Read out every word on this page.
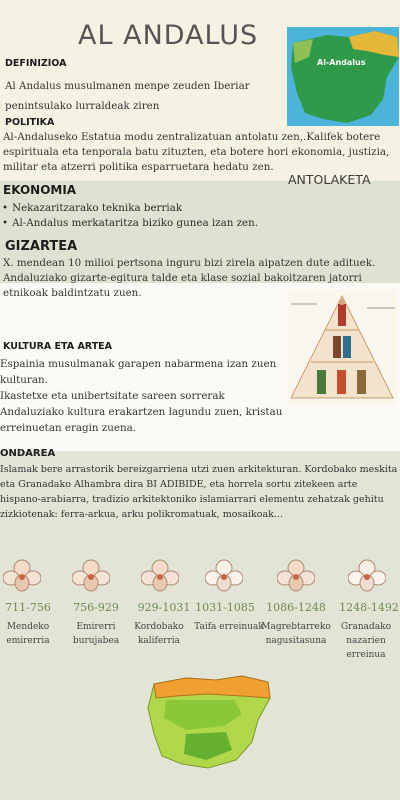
AL ANDALUS
Al-Andalus
DEFINIZIOA
Al Andalus musulmanen menpe zeuden Iberiar penintsulako lurraldeak ziren
POLITIKA
Al-Andaluseko Estatua modu zentralizatuan antolatu zen,.Kalifek botere espirituala eta tenporala batu zituzten, eta botere hori ekonomia, justizia, militar eta atzerri politika esparruetara hedatu zen.
ANTOLAKETA
EKONOMIA
• Nekazaritzarako teknika berriak
• Al-Andalus merkataritza biziko gunea izan zen.
GIZARTEA
X. mendean 10 milioi pertsona inguru bizi zirela aipatzen dute adituek. Andaluziako gizarte-egitura talde eta klase sozial bakoitzaren jatorri etnikoak baldintzatu zuen.
KULTURA ETA ARTEA
Espainia musulmanak garapen nabarmena izan zuen kulturan.
Ikastetxe eta unibertsitate sareen sorrerak Andaluziako kultura erakartzen lagundu zuen, kristau erreinuetan eragin zuena.
ONDAREA
Islamak bere arrastorik bereizgarriena utzi zuen arkitekturan. Kordobako meskita eta Granadako Alhambra dira BI ADIBIDE, eta horrela sortu zitekeen arte hispano-arabiarra, tradizio arkitektoniko islamiarrari elementu zehatzak gehitu zizkiotenak: ferra-arkua, arku polikromatuak, mosaikoak...
711-756
Mendeko emirerria
756-929
Emirerri burujabea
929-1031
Kordobako kaliferria
1031-1085
Taifa erreinuak
1086-1248
Magrebtarreko nagusitasuna
1248-1492
Granadako nazarien erreinua
